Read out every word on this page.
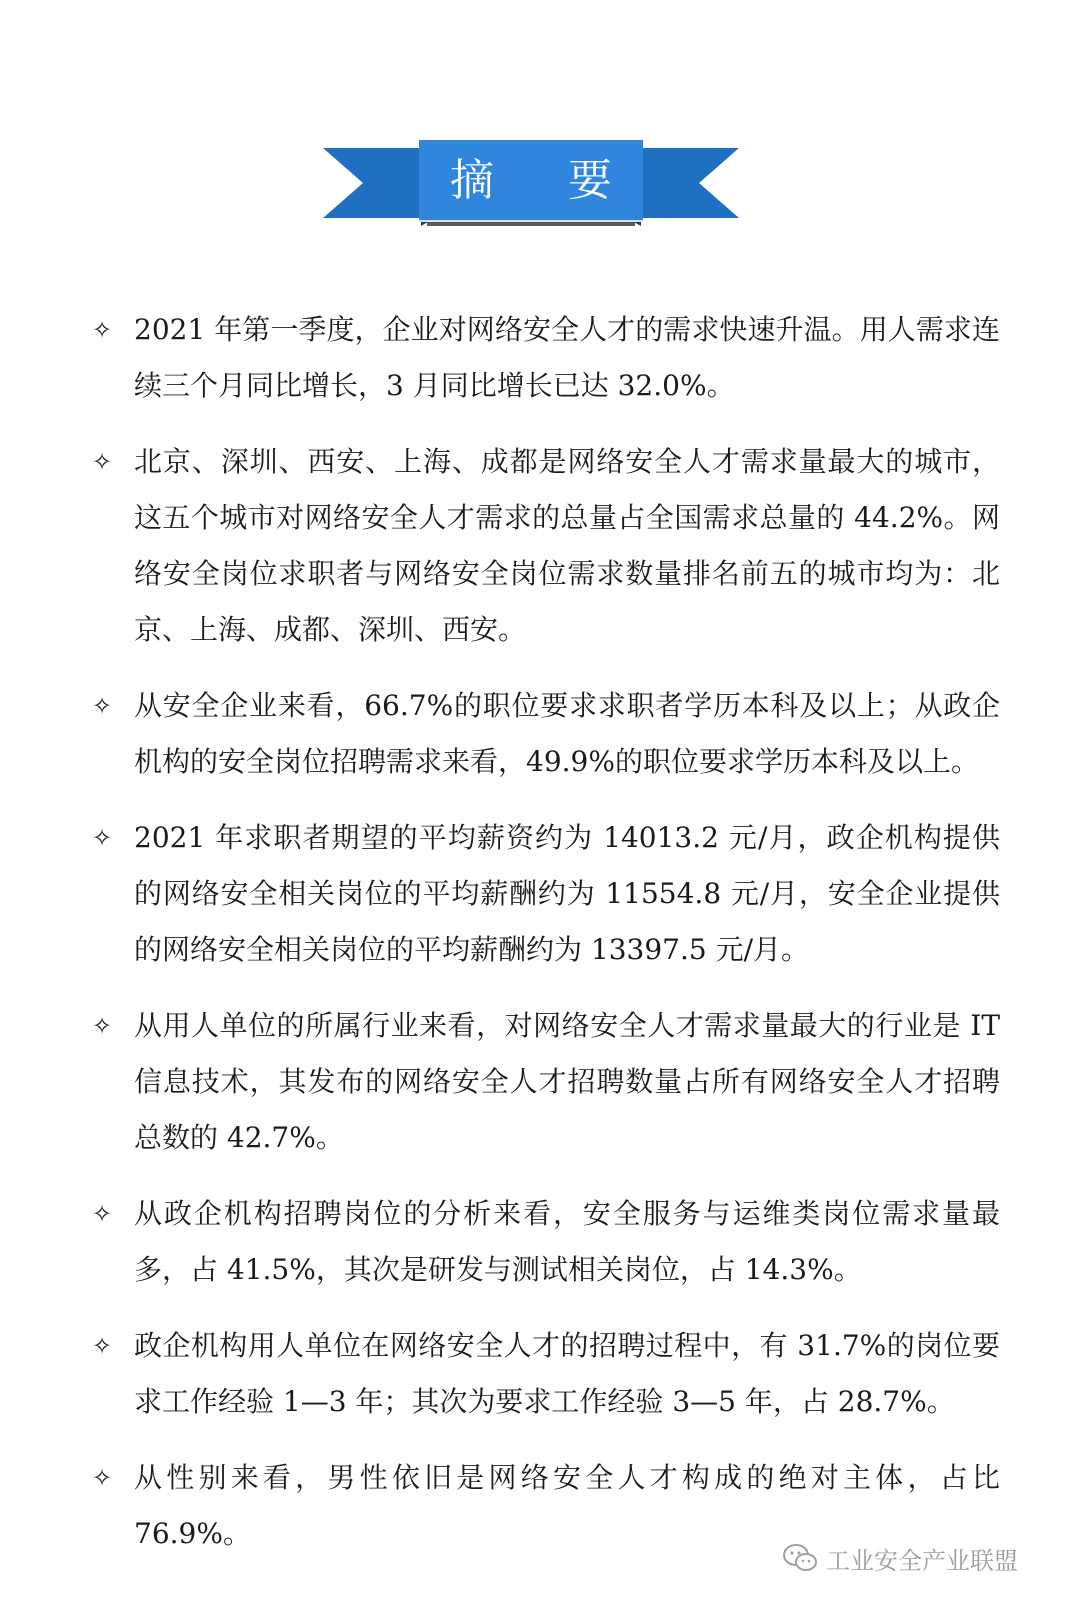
摘 要
✧ 2021 年第一季度，企业对网络安全人才的需求快速升温。用人需求连续三个月同比增长，3 月同比增长已达 32.0%。
✧ 北京、深圳、西安、上海、成都是网络安全人才需求量最大的城市，这五个城市对网络安全人才需求的总量占全国需求总量的 44.2%。网络安全岗位求职者与网络安全岗位需求数量排名前五的城市均为：北京、上海、成都、深圳、西安。
✧ 从安全企业来看，66.7%的职位要求求职者学历本科及以上；从政企机构的安全岗位招聘需求来看，49.9%的职位要求学历本科及以上。
✧ 2021 年求职者期望的平均薪资约为 14013.2 元/月，政企机构提供的网络安全相关岗位的平均薪酬约为 11554.8 元/月，安全企业提供的网络安全相关岗位的平均薪酬约为 13397.5 元/月。
✧ 从用人单位的所属行业来看，对网络安全人才需求量最大的行业是 IT 信息技术，其发布的网络安全人才招聘数量占所有网络安全人才招聘总数的 42.7%。
✧ 从政企机构招聘岗位的分析来看，安全服务与运维类岗位需求量最多，占 41.5%，其次是研发与测试相关岗位，占 14.3%。
✧ 政企机构用人单位在网络安全人才的招聘过程中，有 31.7%的岗位要求工作经验 1—3 年；其次为要求工作经验 3—5 年，占 28.7%。
✧ 从性别来看，男性依旧是网络安全人才构成的绝对主体，占比 76.9%。
工业安全产业联盟
